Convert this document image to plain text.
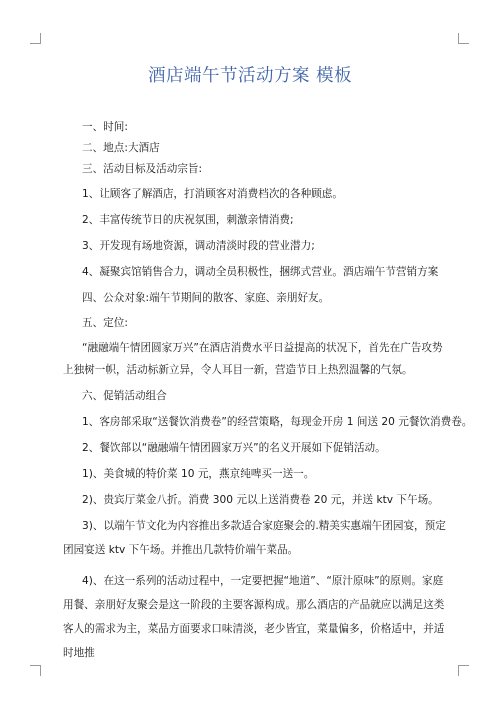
酒店端午节活动方案 模板

一、时间:

二、地点:大酒店

三、活动目标及活动宗旨:

1、让顾客了解酒店，打消顾客对消费档次的各种顾虑。

2、丰富传统节日的庆祝氛围，刺激亲情消费;

3、开发现有场地资源，调动清淡时段的营业潜力;

4、凝聚宾馆销售合力，调动全员积极性，捆绑式营业。酒店端午节营销方案

四、公众对象:端午节期间的散客、家庭、亲朋好友。

五、定位:

“融融端午情团圆家万兴”在酒店消费水平日益提高的状况下，首先在广告攻势上独树一帜，活动标新立异，令人耳目一新，营造节日上热烈温馨的气氛。

六、促销活动组合

1、客房部采取“送餐饮消费卷”的经营策略，每现金开房 1 间送 20 元餐饮消费卷。

2、餐饮部以“融融端午情团圆家万兴”的名义开展如下促销活动。

1)、美食城的特价菜 10 元，燕京纯啤买一送一。

2)、贵宾厅菜金八折。消费 300 元以上送消费卷 20 元，并送 ktv 下午场。

3)、以端午节文化为内容推出多款适合家庭聚会的.精美实惠端午团园宴，预定团园宴送 ktv 下午场。并推出几款特价端午菜品。

4)、在这一系列的活动过程中，一定要把握“地道”、“原汁原味”的原则。家庭用餐、亲朋好友聚会是这一阶段的主要客源构成。那么酒店的产品就应以满足这类客人的需求为主，菜品方面要求口味清淡，老少皆宜，菜量偏多，价格适中，并适时地推
